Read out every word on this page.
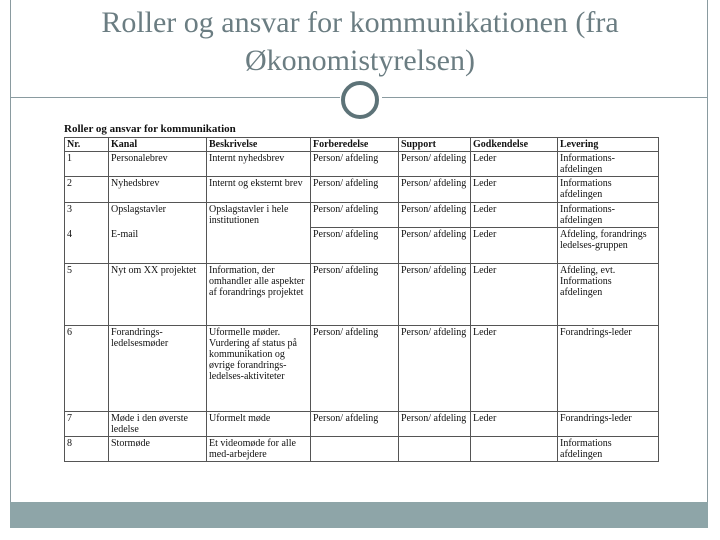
Roller og ansvar for kommunikationen (fra
Økonomistyrelsen)
Roller og ansvar for kommunikation
Nr.	Kanal	Beskrivelse	Forberedelse	Support	Godkendelse	Levering
1	Personalebrev	Internt nyhedsbrev	Person/ afdeling	Person/ afdeling	Leder	Informations-afdelingen
2	Nyhedsbrev	Internt og eksternt brev	Person/ afdeling	Person/ afdeling	Leder	Informations afdelingen
3	Opslagstavler	Opslagstavler i hele institutionen	Person/ afdeling	Person/ afdeling	Leder	Informations-afdelingen
4	E-mail		Person/ afdeling	Person/ afdeling	Leder	Afdeling, forandrings ledelses-gruppen
5	Nyt om XX projektet	Information, der omhandler alle aspekter af forandrings projektet	Person/ afdeling	Person/ afdeling	Leder	Afdeling, evt. Informations afdelingen
6	Forandrings-ledelsesmøder	Uformelle møder. Vurdering af status på kommunikation og øvrige forandrings-ledelses-aktiviteter	Person/ afdeling	Person/ afdeling	Leder	Forandrings-leder
7	Møde i den øverste ledelse	Uformelt møde	Person/ afdeling	Person/ afdeling	Leder	Forandrings-leder
8	Stormøde	Et videomøde for alle med-arbejdere				Informations afdelingen
